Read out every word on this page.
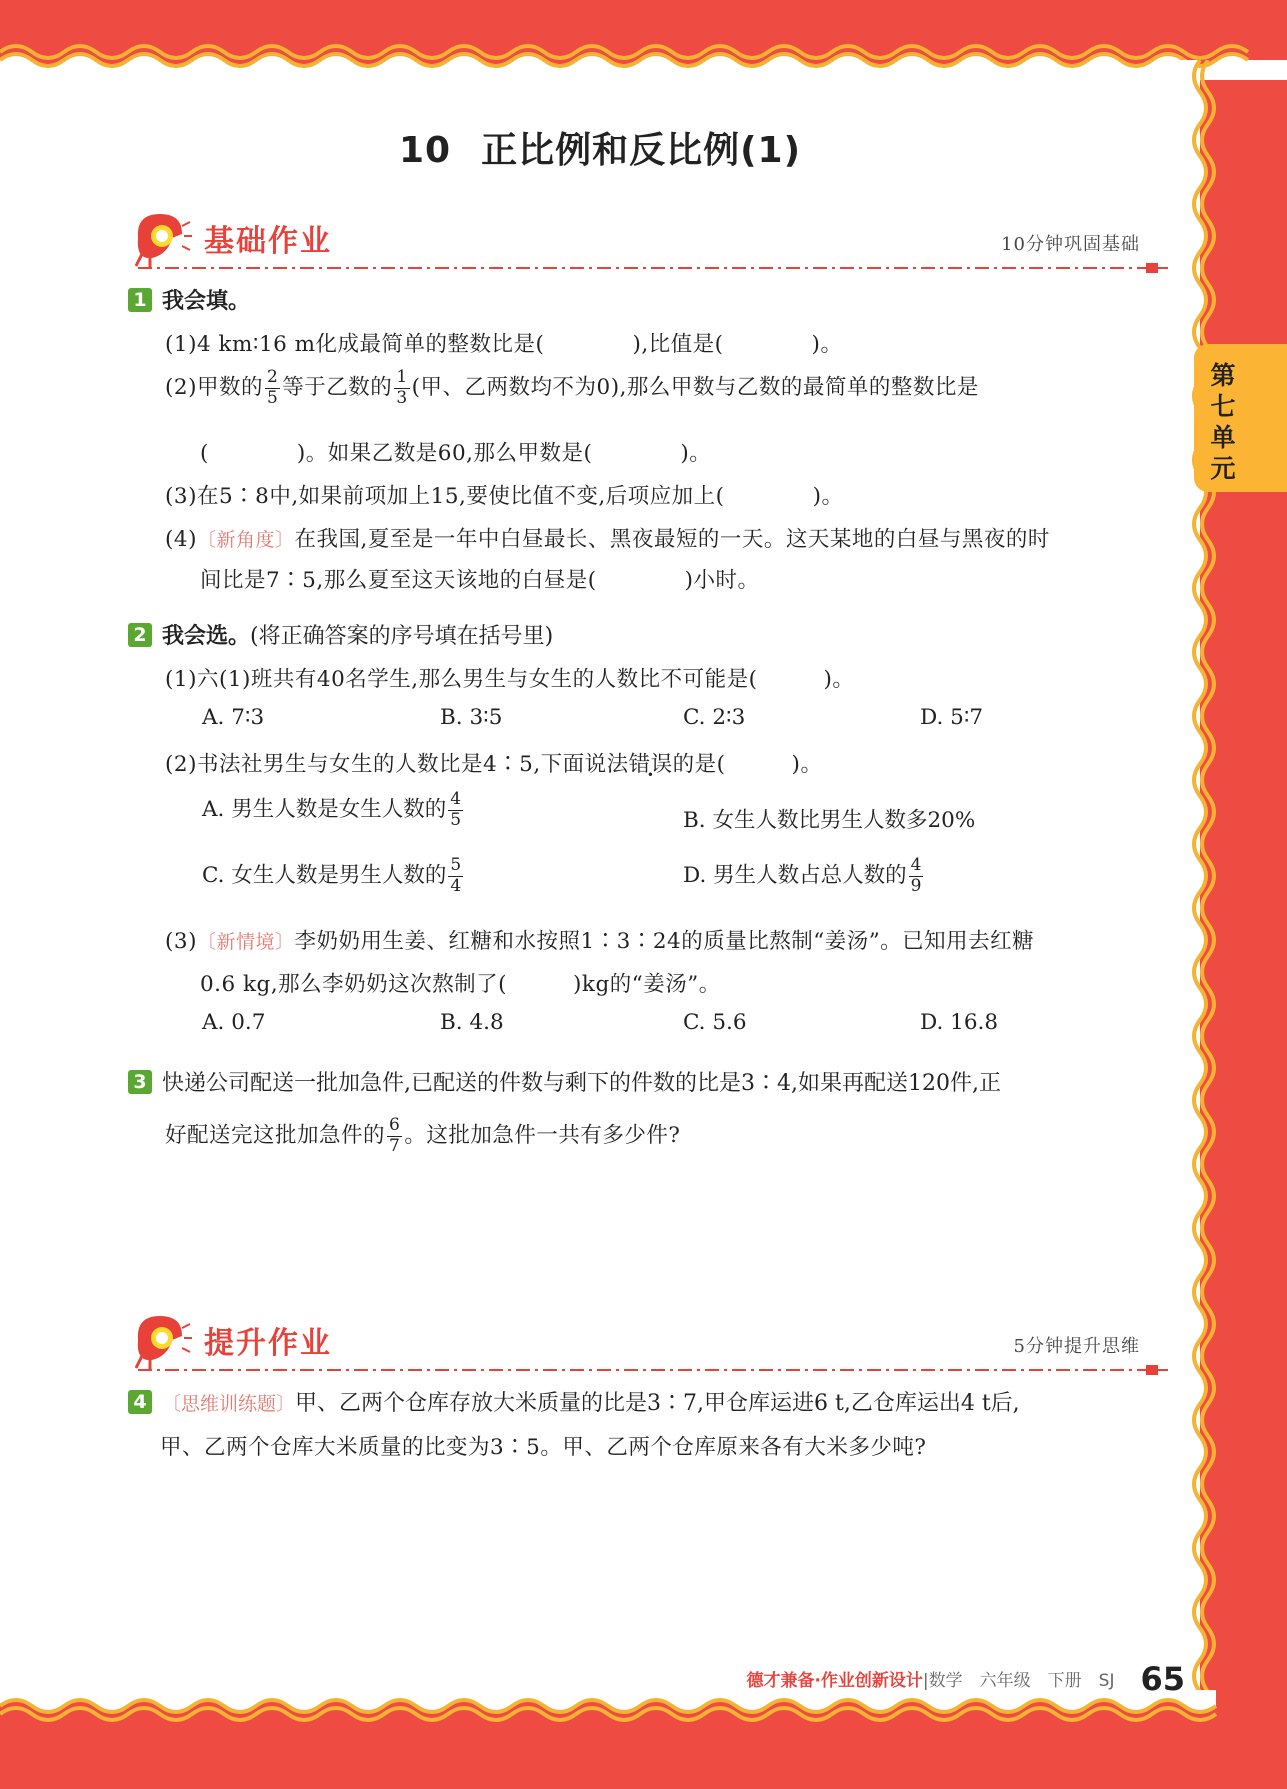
第七单元
10 正比例和反比例(1)
基础作业	10分钟巩固基础
1 我会填。
(1)4 km∶16 m化成最简单的整数比是(　　　　),比值是(　　　　)。
(2)甲数的 $\frac{2}{5}$ 等于乙数的 $\frac{1}{3}$ (甲、乙两数均不为0),那么甲数与乙数的最简单的整数比是
(　　　　)。如果乙数是60,那么甲数是(　　　　)。
(3)在5∶8中,如果前项加上15,要使比值不变,后项应加上(　　　　)。
(4)〔新角度〕在我国,夏至是一年中白昼最长、黑夜最短的一天。这天某地的白昼与黑夜的时
间比是7∶5,那么夏至这天该地的白昼是(　　　　)小时。
2 我会选。(将正确答案的序号填在括号里)
(1)六(1)班共有40名学生,那么男生与女生的人数比不可能是(　　　)。
A. 7∶3	B. 3∶5	C. 2∶3	D. 5∶7
(2)书法社男生与女生的人数比是4∶5,下面说法错误的是(　　　)。
A. 男生人数是女生人数的 $\frac{4}{5}$	B. 女生人数比男生人数多20%
C. 女生人数是男生人数的 $\frac{5}{4}$	D. 男生人数占总人数的 $\frac{4}{9}$
(3)〔新情境〕李奶奶用生姜、红糖和水按照1∶3∶24的质量比熬制“姜汤”。已知用去红糖
0.6 kg,那么李奶奶这次熬制了(　　　)kg的“姜汤”。
A. 0.7	B. 4.8	C. 5.6	D. 16.8
3 快递公司配送一批加急件,已配送的件数与剩下的件数的比是3∶4,如果再配送120件,正
好配送完这批加急件的 $\frac{6}{7}$ 。这批加急件一共有多少件?
提升作业	5分钟提升思维
4 〔思维训练题〕甲、乙两个仓库存放大米质量的比是3∶7,甲仓库运进6 t,乙仓库运出4 t后,
甲、乙两个仓库大米质量的比变为3∶5。甲、乙两个仓库原来各有大米多少吨?
德才兼备·作业创新设计|数学　六年级　下册　SJ 65
